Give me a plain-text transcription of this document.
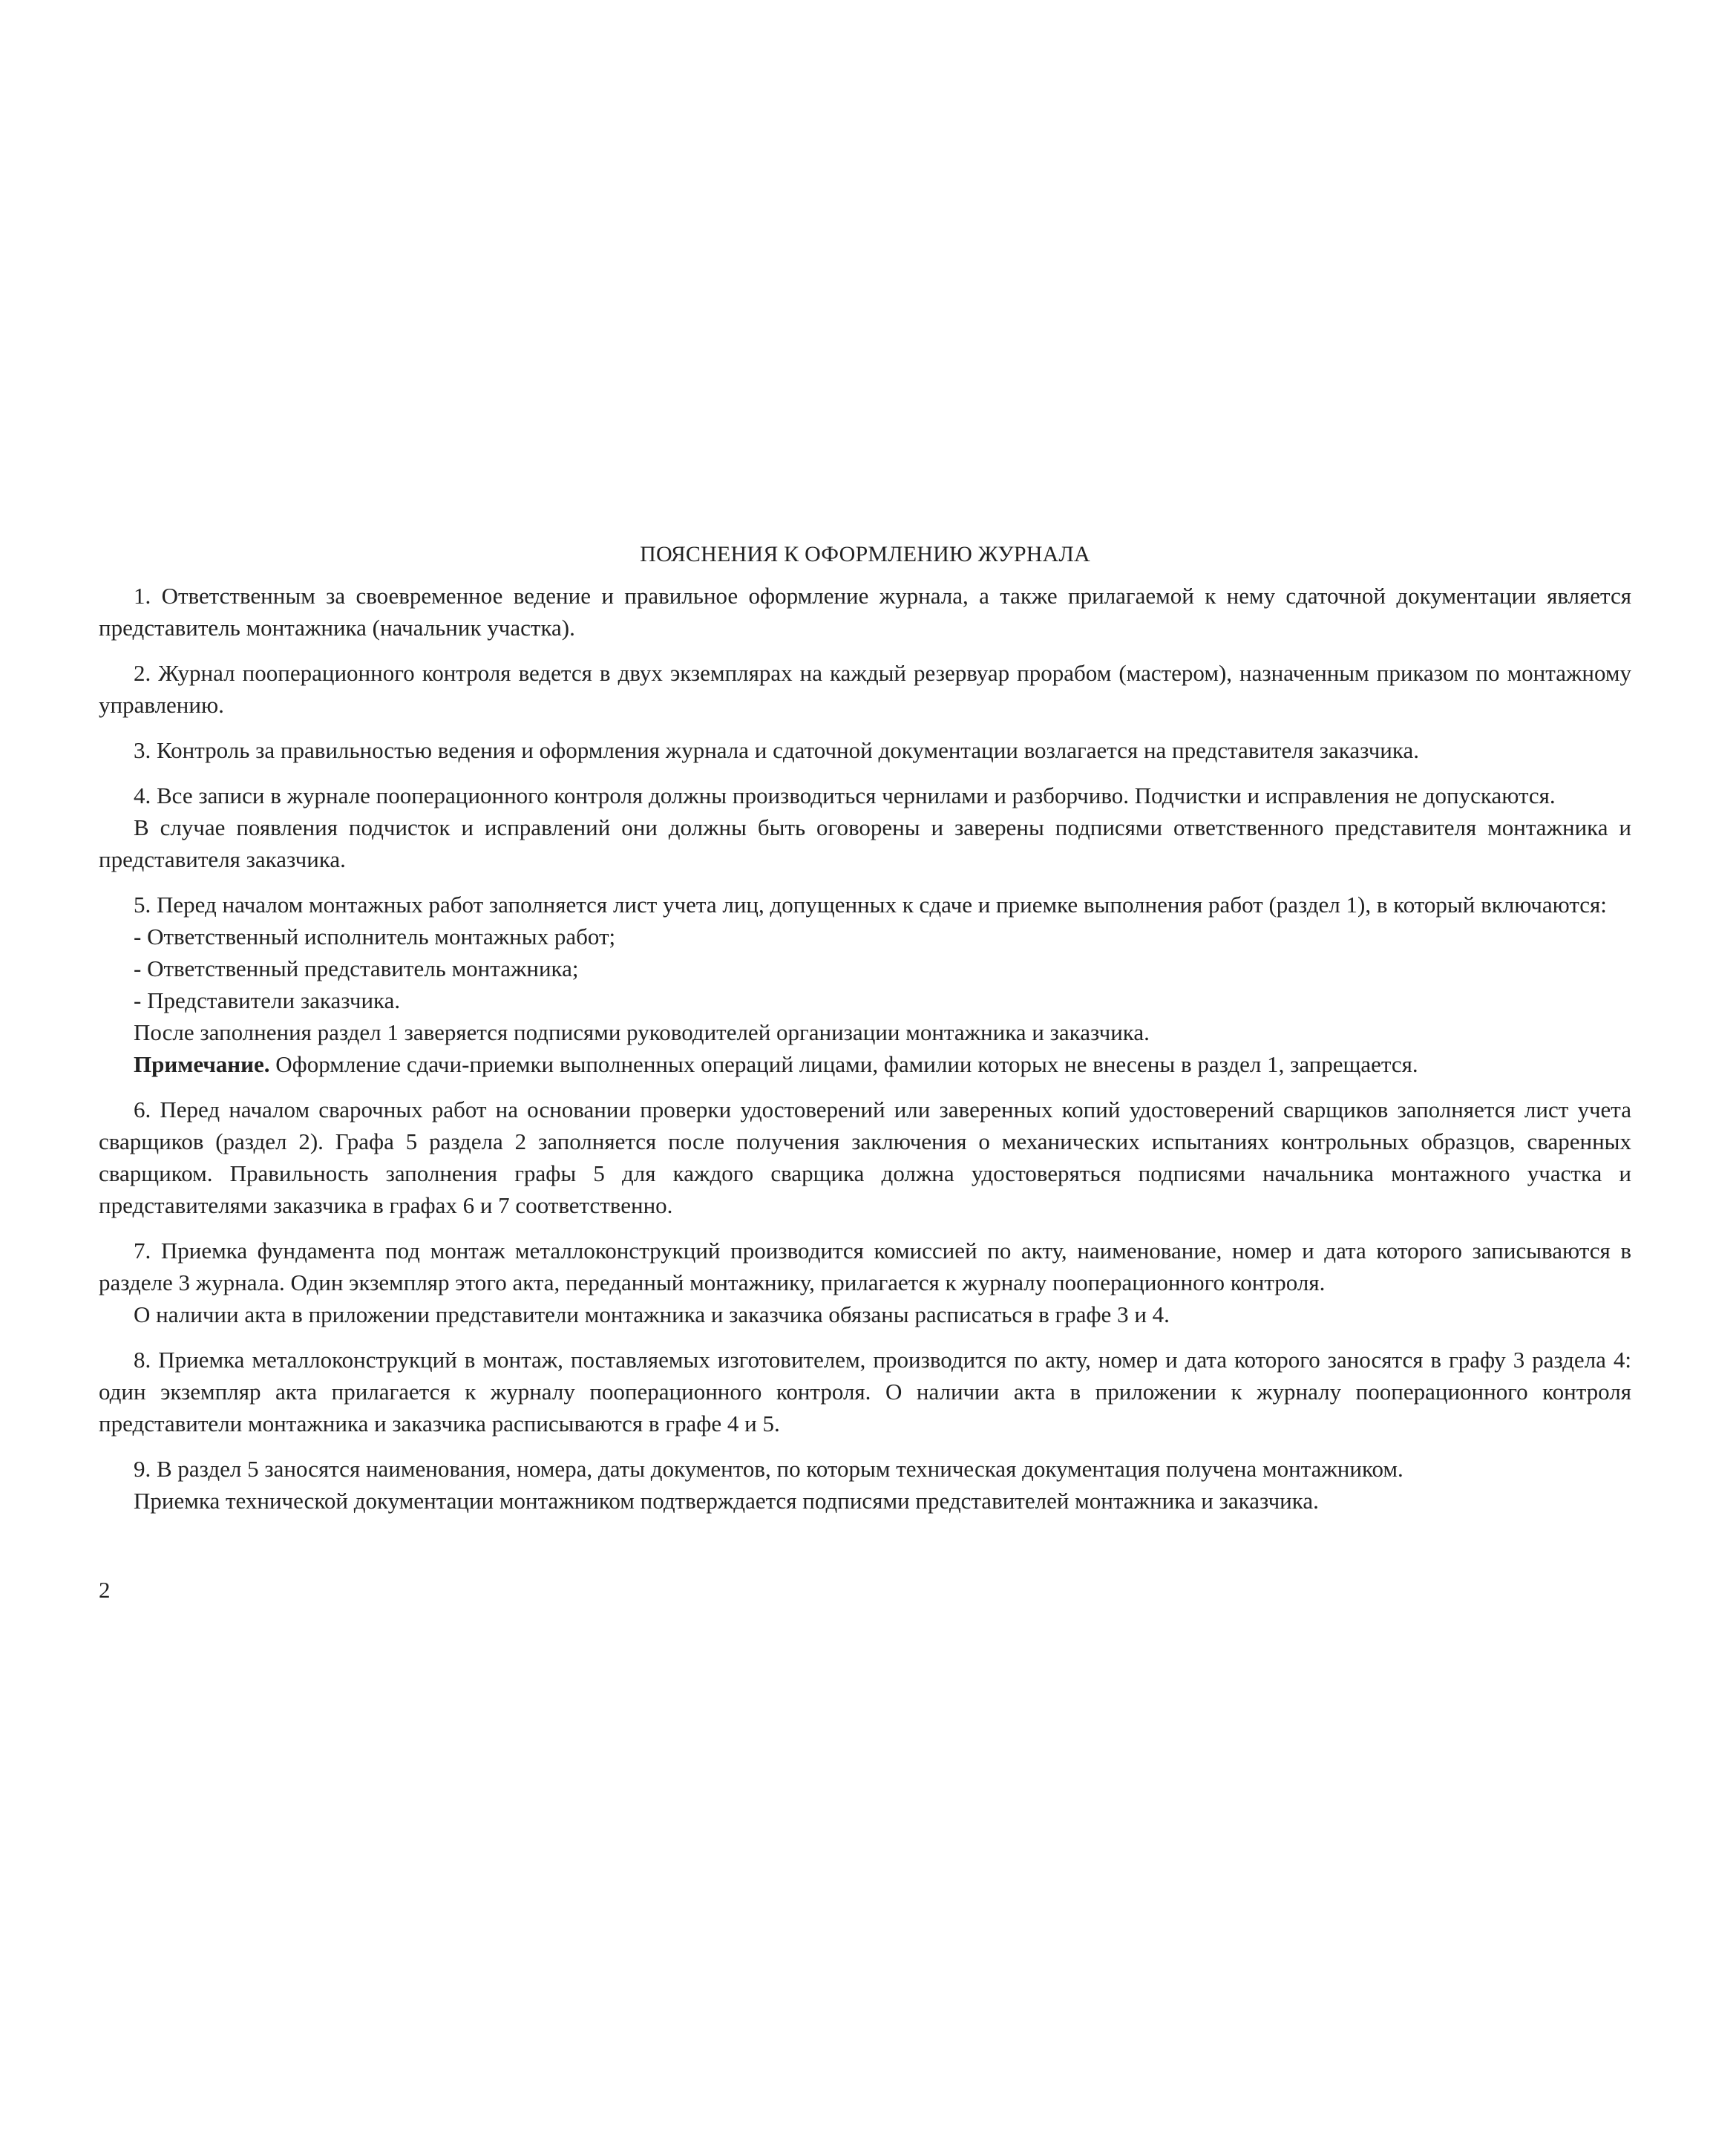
ПОЯСНЕНИЯ К ОФОРМЛЕНИЮ ЖУРНАЛА

1. Ответственным за своевременное ведение и правильное оформление журнала, а также прилагаемой к нему сдаточной документации является представитель монтажника (начальник участка).

2. Журнал пооперационного контроля ведется в двух экземплярах на каждый резервуар прорабом (мастером), назначенным приказом по монтажному управлению.

3. Контроль за правильностью ведения и оформления журнала и сдаточной документации возлагается на представителя заказчика.

4. Все записи в журнале пооперационного контроля должны производиться чернилами и разборчиво. Подчистки и исправления не допускаются.

В случае появления подчисток и исправлений они должны быть оговорены и заверены подписями ответственного представителя монтажника и представителя заказчика.

5. Перед началом монтажных работ заполняется лист учета лиц, допущенных к сдаче и приемке выполнения работ (раздел 1), в который включаются:

- Ответственный исполнитель монтажных работ;

- Ответственный представитель монтажника;

- Представители заказчика.

После заполнения раздел 1 заверяется подписями руководителей организации монтажника и заказчика.

Примечание. Оформление сдачи-приемки выполненных операций лицами, фамилии которых не внесены в раздел 1, запрещается.

6. Перед началом сварочных работ на основании проверки удостоверений или заверенных копий удостоверений сварщиков заполняется лист учета сварщиков (раздел 2). Графа 5 раздела 2 заполняется после получения заключения о механических испытаниях контрольных образцов, сваренных сварщиком. Правильность заполнения графы 5 для каждого сварщика должна удостоверяться подписями начальника монтажного участка и представителями заказчика в графах 6 и 7 соответственно.

7. Приемка фундамента под монтаж металлоконструкций производится комиссией по акту, наименование, номер и дата которого записываются в разделе 3 журнала. Один экземпляр этого акта, переданный монтажнику, прилагается к журналу пооперационного контроля.

О наличии акта в приложении представители монтажника и заказчика обязаны расписаться в графе 3 и 4.

8. Приемка металлоконструкций в монтаж, поставляемых изготовителем, производится по акту, номер и дата которого заносятся в графу 3 раздела 4: один экземпляр акта прилагается к журналу пооперационного контроля. О наличии акта в приложении к журналу пооперационного контроля представители монтажника и заказчика расписываются в графе 4 и 5.

9. В раздел 5 заносятся наименования, номера, даты документов, по которым техническая документация получена монтажником.

Приемка технической документации монтажником подтверждается подписями представителей монтажника и заказчика.

2
